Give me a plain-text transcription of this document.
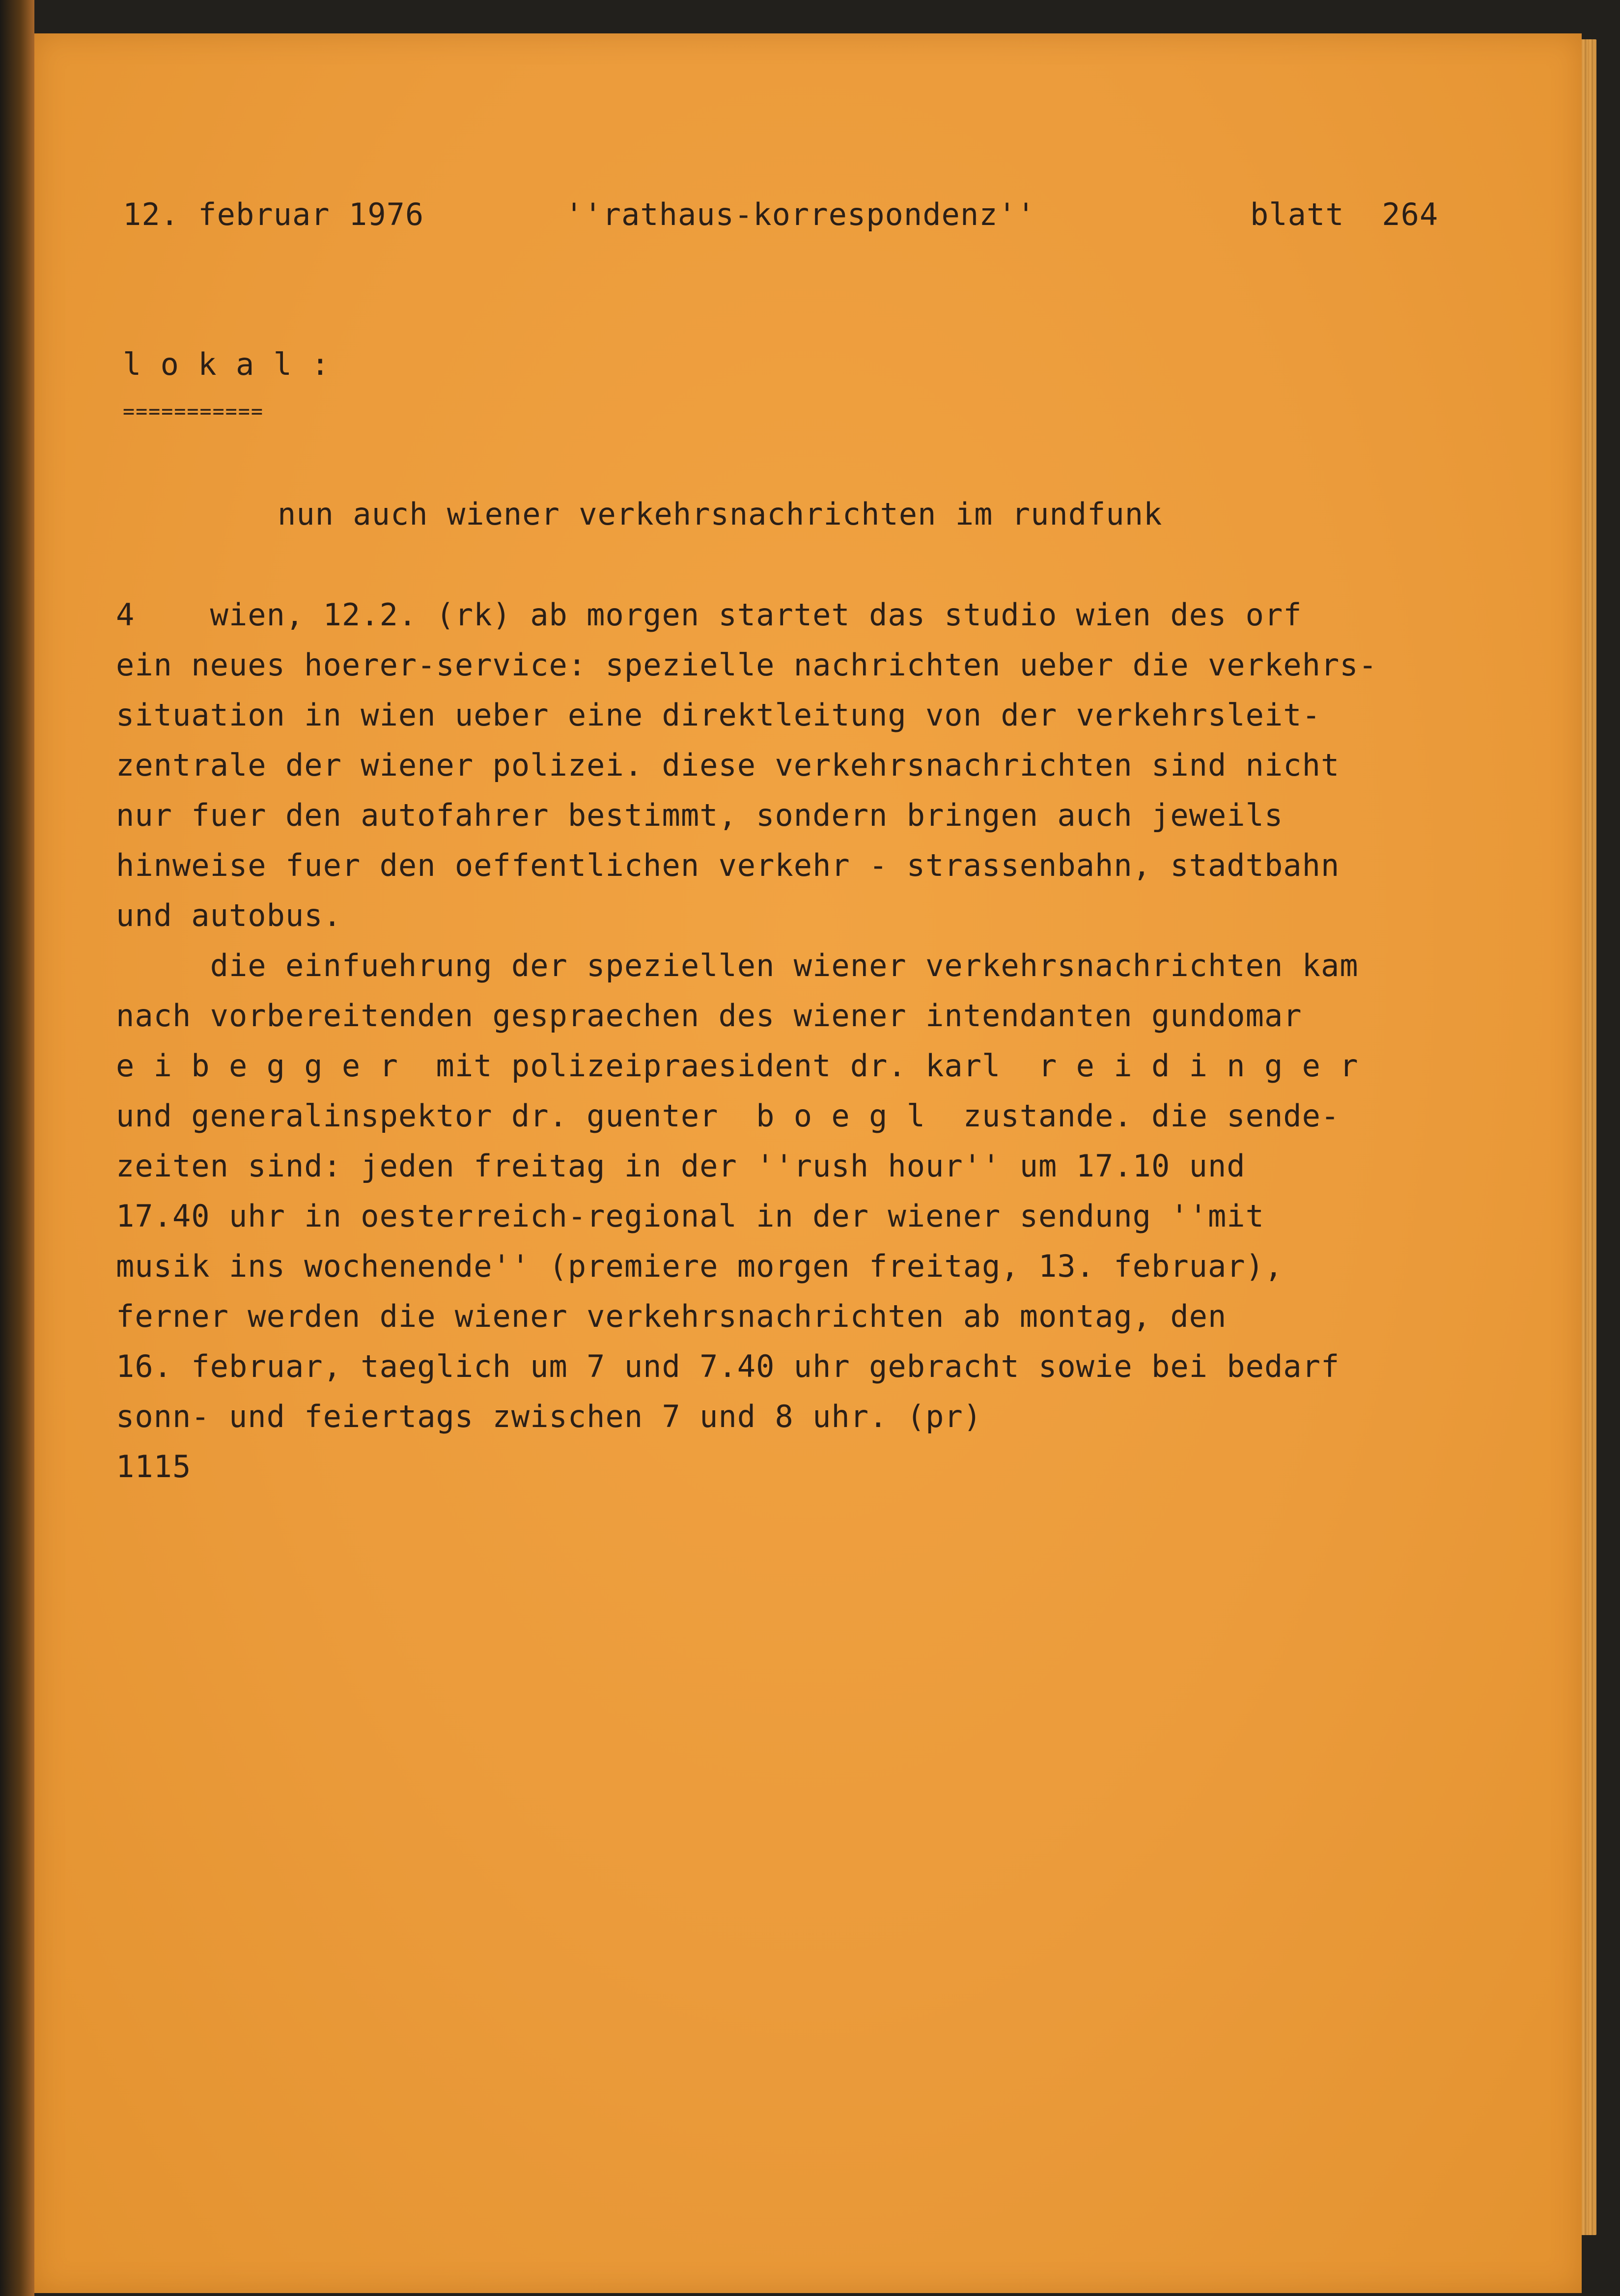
12. februar 1976	''rathaus-korrespondenz''	blatt  264
l o k a l :
===========
nun auch wiener verkehrsnachrichten im rundfunk
4    wien, 12.2. (rk) ab morgen startet das studio wien des orf
ein neues hoerer-service: spezielle nachrichten ueber die verkehrs-
situation in wien ueber eine direktleitung von der verkehrsleit-
zentrale der wiener polizei. diese verkehrsnachrichten sind nicht
nur fuer den autofahrer bestimmt, sondern bringen auch jeweils
hinweise fuer den oeffentlichen verkehr - strassenbahn, stadtbahn
und autobus.
die einfuehrung der speziellen wiener verkehrsnachrichten kam
nach vorbereitenden gespraechen des wiener intendanten gundomar
e i b e g g e r  mit polizeipraesident dr. karl  r e i d i n g e r
und generalinspektor dr. guenter  b o e g l  zustande. die sende-
zeiten sind: jeden freitag in der ''rush hour'' um 17.10 und
17.40 uhr in oesterreich-regional in der wiener sendung ''mit
musik ins wochenende'' (premiere morgen freitag, 13. februar),
ferner werden die wiener verkehrsnachrichten ab montag, den
16. februar, taeglich um 7 und 7.40 uhr gebracht sowie bei bedarf
sonn- und feiertags zwischen 7 und 8 uhr. (pr)
1115
